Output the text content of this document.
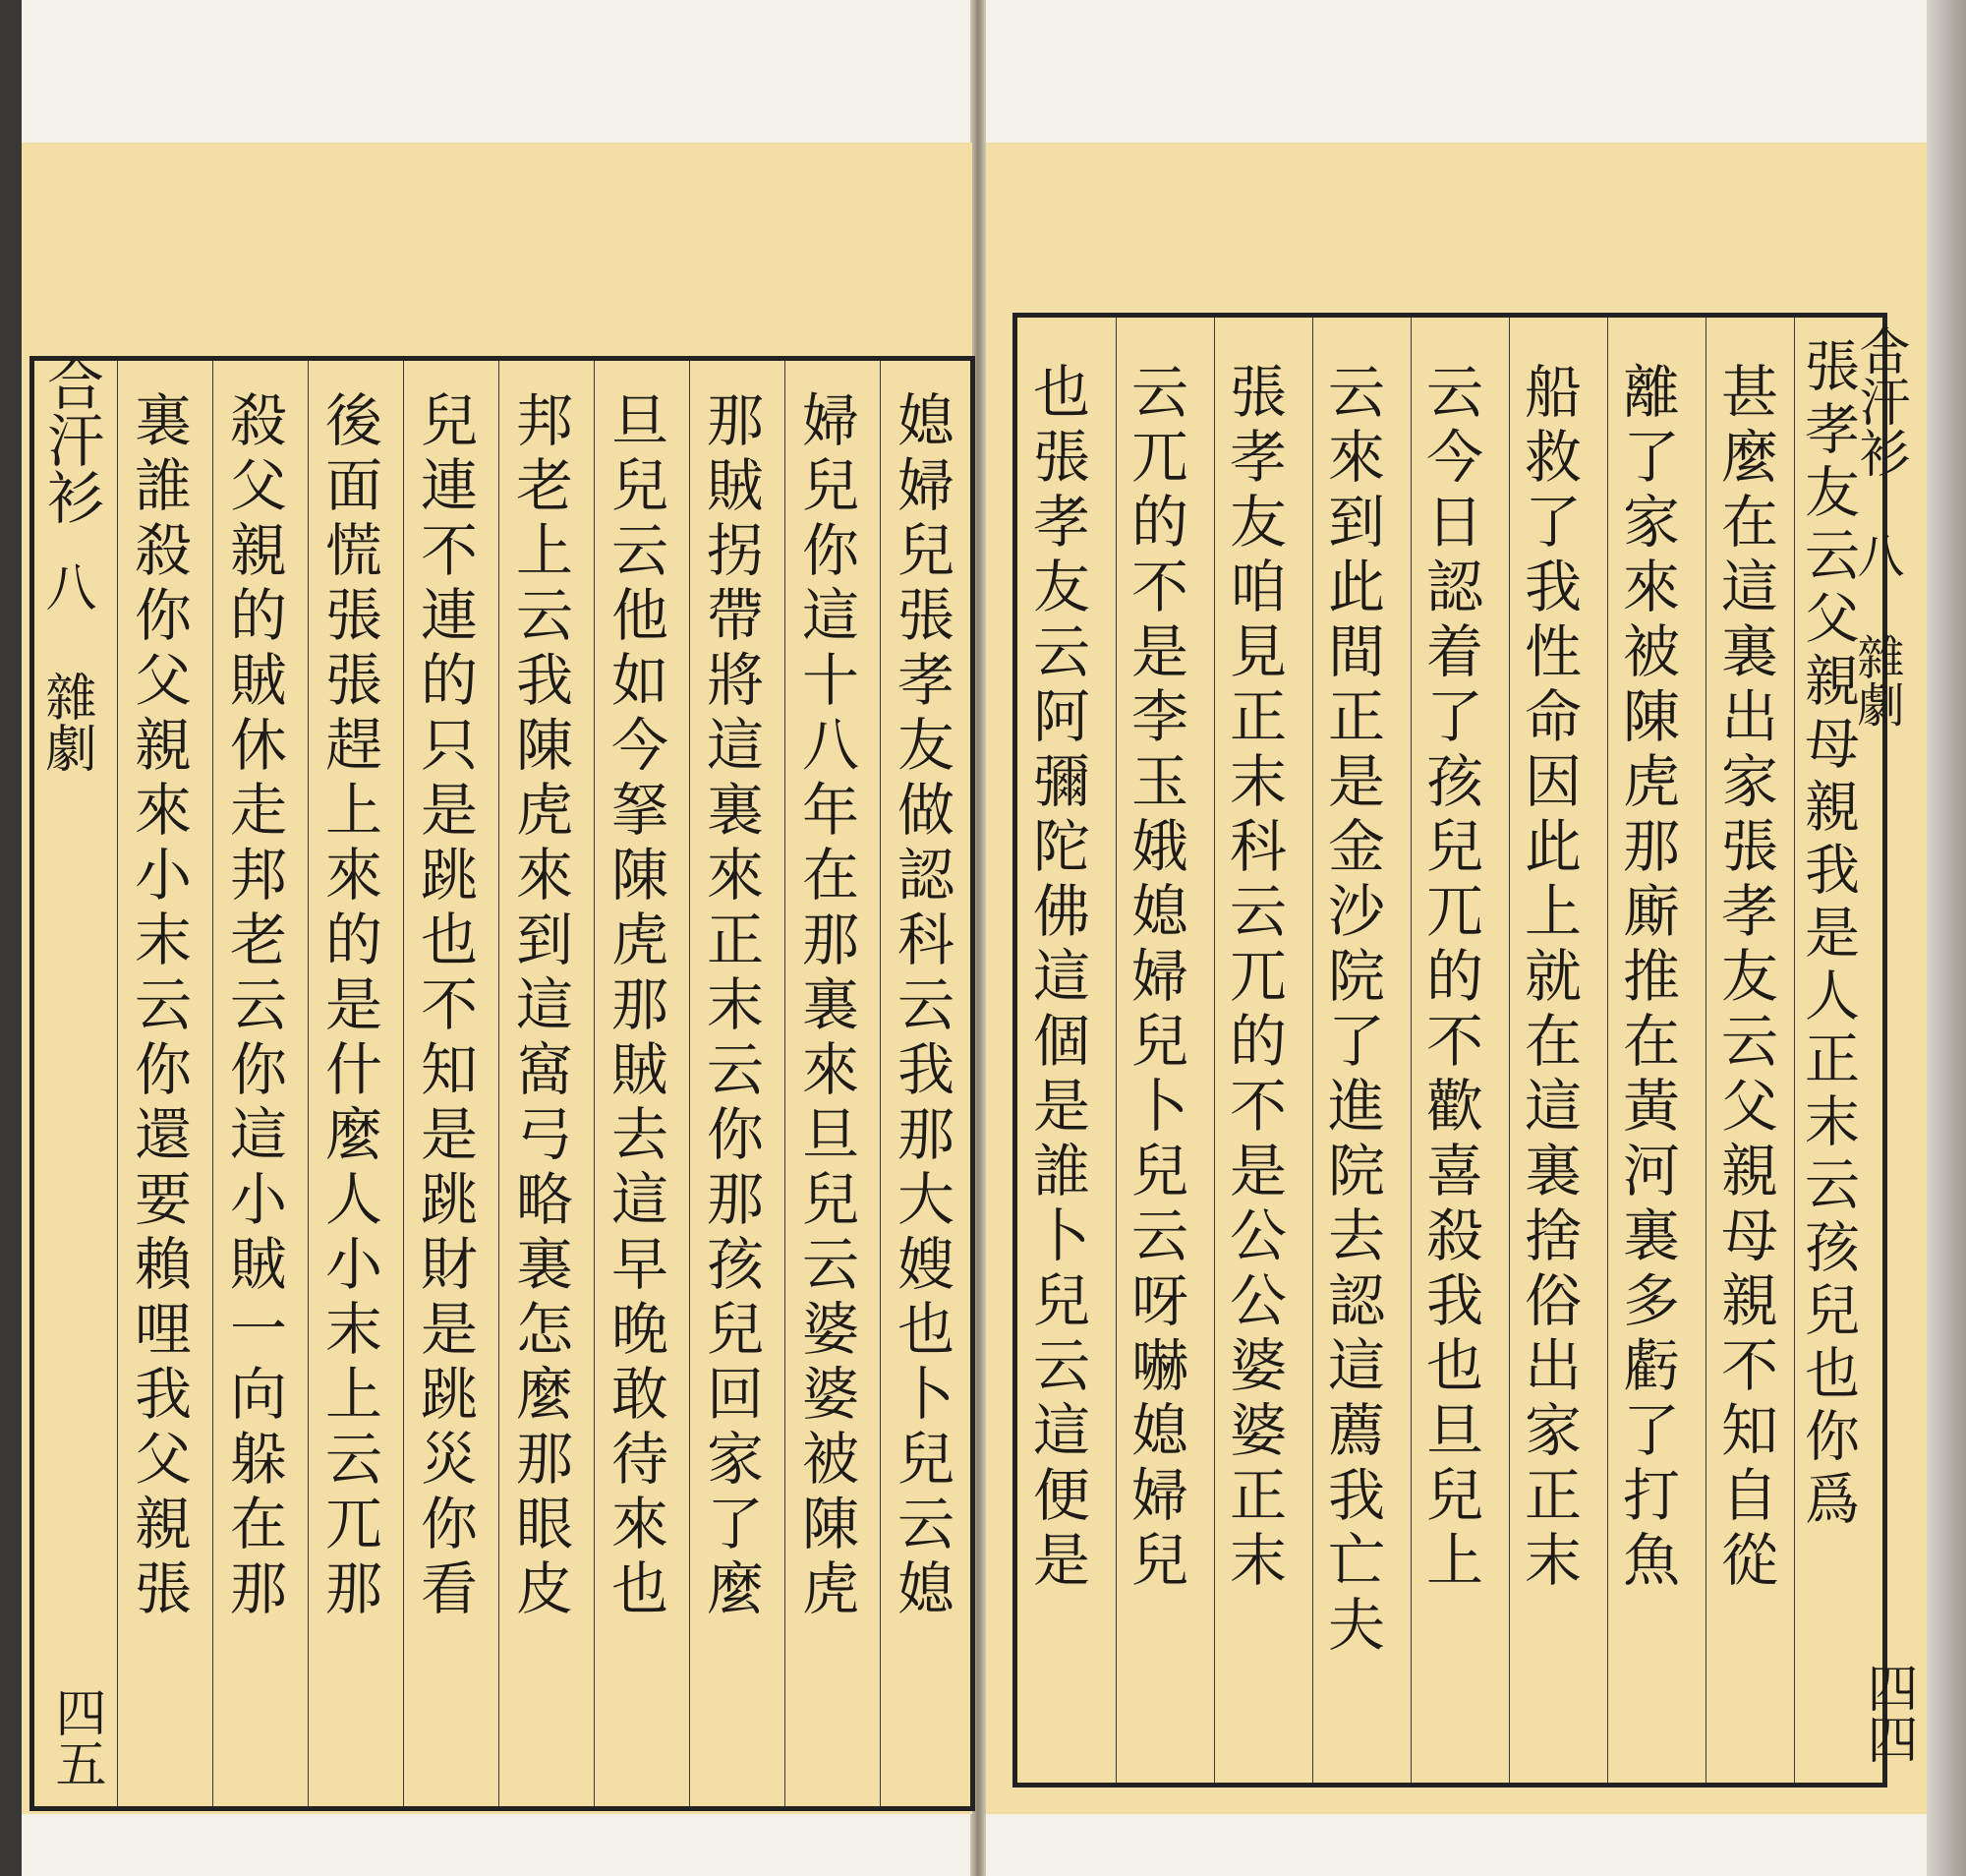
合汗衫
八 雜劇
四五
媳婦兒張孝友做認科云我那大嫂也卜兒云媳
婦兒你這十八年在那裏來旦兒云婆婆被陳虎
那賊拐帶將這裏來正末云你那孩兒回家了麼
旦兒云他如今拏陳虎那賊去這早晚敢待來也
邦老上云我陳虎來到這窩弓略裏怎麼那眼皮
兒連不連的只是跳也不知是跳財是跳災你看
後面慌張張趕上來的是什麼人小末上云兀那
殺父親的賊休走邦老云你這小賊一向躲在那
裏誰殺你父親來小末云你還要賴哩我父親張	甚麼在這裏出家張孝友云父親母親不知自從
離了家來被陳虎那廝推在黃河裏多虧了打魚
船救了我性命因此上就在這裏捨俗出家正末
云今日認着了孩兒兀的不歡喜殺我也旦兒上
云來到此間正是金沙院了進院去認這薦我亡夫
張孝友咱見正末科云兀的不是公公婆婆正末
云兀的不是李玉娥媳婦兒卜兒云呀嚇媳婦兒
也張孝友云阿彌陀佛這個是誰卜兒云這便是	張孝友云父親母親我是人正末云孩兒也你爲
合汗衫
八 雜劇
四四
